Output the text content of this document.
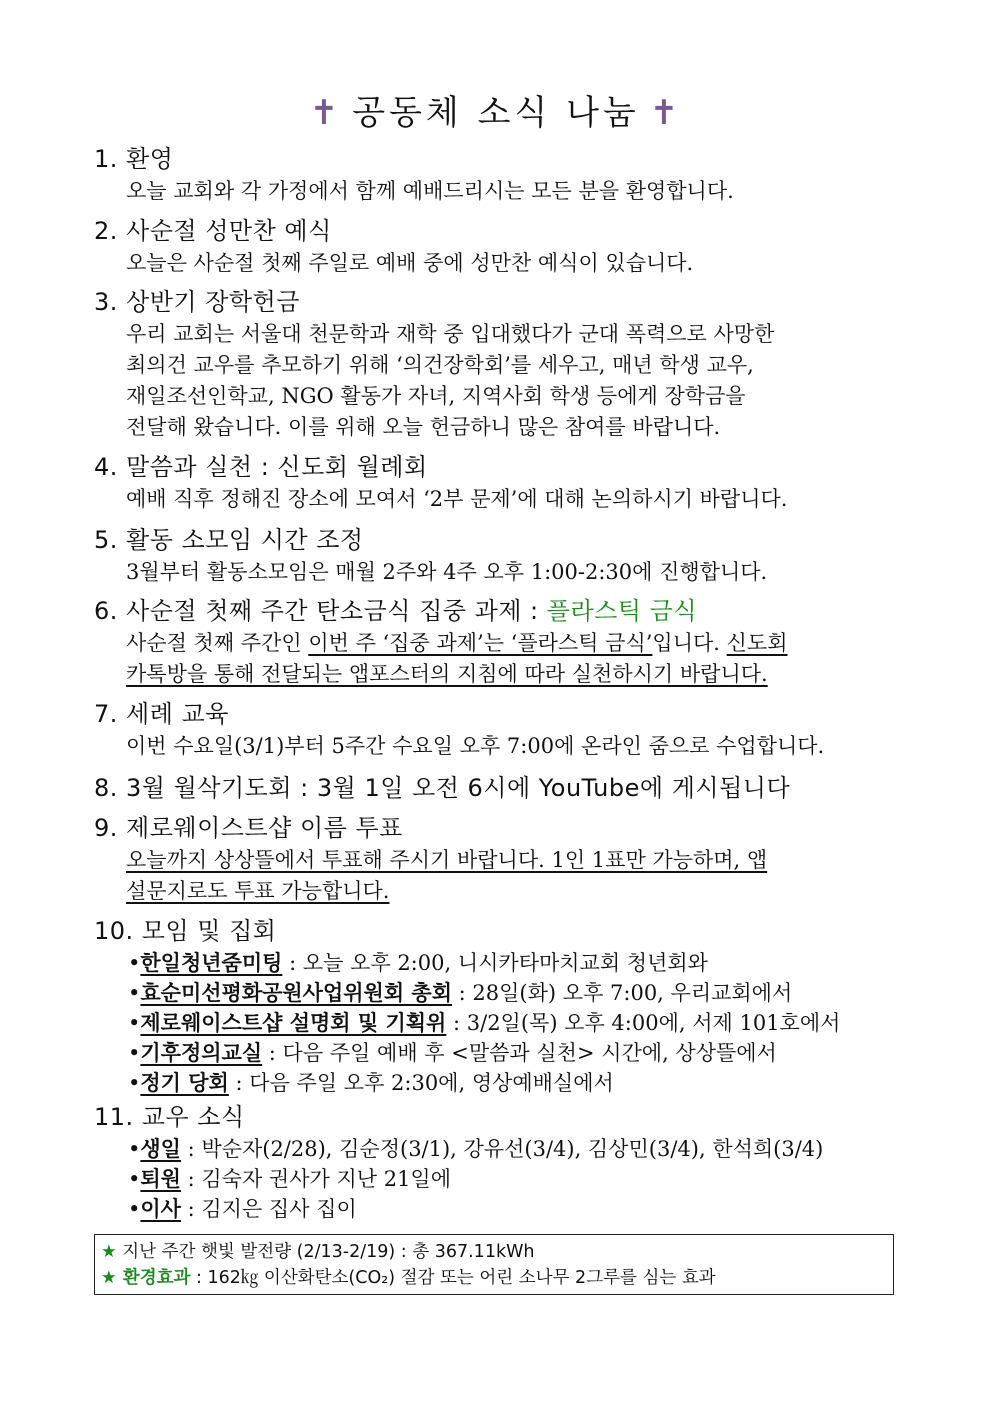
✝ 공동체 소식 나눔 ✝
1. 환영
오늘 교회와 각 가정에서 함께 예배드리시는 모든 분을 환영합니다.
2. 사순절 성만찬 예식
오늘은 사순절 첫째 주일로 예배 중에 성만찬 예식이 있습니다.
3. 상반기 장학헌금
우리 교회는 서울대 천문학과 재학 중 입대했다가 군대 폭력으로 사망한
최의건 교우를 추모하기 위해 ‘의건장학회’를 세우고, 매년 학생 교우,
재일조선인학교, NGO 활동가 자녀, 지역사회 학생 등에게 장학금을
전달해 왔습니다. 이를 위해 오늘 헌금하니 많은 참여를 바랍니다.
4. 말씀과 실천 : 신도회 월례회
예배 직후 정해진 장소에 모여서 ‘2부 문제’에 대해 논의하시기 바랍니다.
5. 활동 소모임 시간 조정
3월부터 활동소모임은 매월 2주와 4주 오후 1:00-2:30에 진행합니다.
6. 사순절 첫째 주간 탄소금식 집중 과제 : 플라스틱 금식
사순절 첫째 주간인 이번 주 ‘집중 과제’는 ‘플라스틱 금식’입니다. 신도회
카톡방을 통해 전달되는 앱포스터의 지침에 따라 실천하시기 바랍니다.
7. 세례 교육
이번 수요일(3/1)부터 5주간 수요일 오후 7:00에 온라인 줌으로 수업합니다.
8. 3월 월삭기도회 : 3월 1일 오전 6시에 YouTube에 게시됩니다
9. 제로웨이스트샵 이름 투표
오늘까지 상상뜰에서 투표해 주시기 바랍니다. 1인 1표만 가능하며, 앱
설문지로도 투표 가능합니다.
10. 모임 및 집회
•한일청년줌미팅 : 오늘 오후 2:00, 니시카타마치교회 청년회와
•효순미선평화공원사업위원회 총회 : 28일(화) 오후 7:00, 우리교회에서
•제로웨이스트샵 설명회 및 기획위 : 3/2일(목) 오후 4:00에, 서제 101호에서
•기후정의교실 : 다음 주일 예배 후 <말씀과 실천> 시간에, 상상뜰에서
•정기 당회 : 다음 주일 오후 2:30에, 영상예배실에서
11. 교우 소식
•생일 : 박순자(2/28), 김순정(3/1), 강유선(3/4), 김상민(3/4), 한석희(3/4)
•퇴원 : 김숙자 권사가 지난 21일에
•이사 : 김지은 집사 집이
★ 지난 주간 햇빛 발전량 (2/13-2/19) : 총 367.11kWh
★ 환경효과 : 162㎏ 이산화탄소(CO₂) 절감 또는 어린 소나무 2그루를 심는 효과
